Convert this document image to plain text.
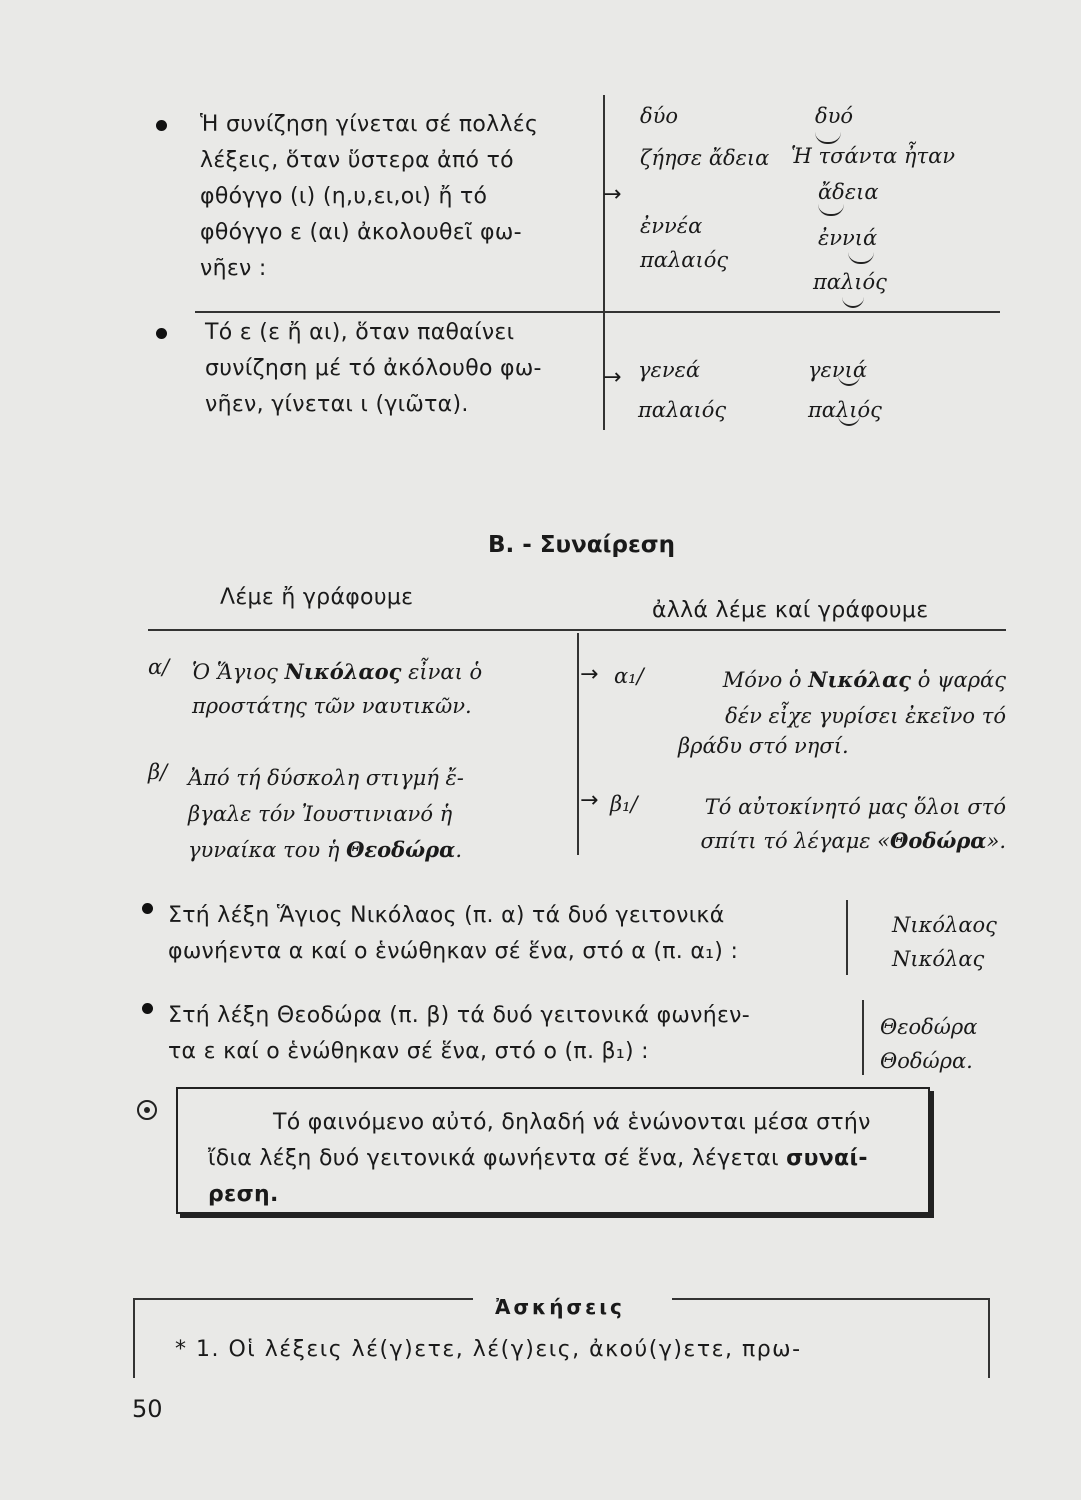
Ἡ συνίζηση γίνεται σέ πολλές
λέξεις, ὅταν ὕστερα ἀπό τό
φθόγγο (ι) (η,υ,ει,οι) ἤ τό
φθόγγο ε (αι) ἀκολουθεῖ φω-
νῆεν :
→
δύο
ζήησε ἄδεια
ἐννέα
παλαιός
δυό
Ἡ τσάντα ἦταν
ἄδεια
ἐννιά
παλιός
Τό ε (ε ἤ αι), ὅταν παθαίνει
συνίζηση μέ τό ἀκόλουθο φω-
νῆεν, γίνεται ι (γιῶτα).
→ γενεά
παλαιός
γενιά
παλιός
Β. - Συναίρεση
Λέμε ἤ γράφουμε
ἀλλά λέμε καί γράφουμε
α/ Ὁ Ἅγιος Νικόλαος εἶναι ὁ
προστάτης τῶν ναυτικῶν.
→ α₁/	Μόνο ὁ Νικόλας ὁ ψαράς
δέν εἶχε γυρίσει ἐκεῖνο τό
βράδυ στό νησί.
β/ Ἀπό τή δύσκολη στιγμή ἔ-
βγαλε τόν Ἰουστινιανό ἡ
γυναίκα του ἡ Θεοδώρα.
→ β₁/	Τό αὐτοκίνητό μας ὅλοι στό
σπίτι τό λέγαμε «Θοδώρα».
Στή λέξη Ἅγιος Νικόλαος (π. α) τά δυό γειτονικά
φωνήεντα α καί ο ἑνώθηκαν σέ ἕνα, στό α (π. α₁) :
Νικόλαος
Νικόλας
Στή λέξη Θεοδώρα (π. β) τά δυό γειτονικά φωνήεν-
τα ε καί ο ἑνώθηκαν σέ ἕνα, στό ο (π. β₁) :
Θεοδώρα
Θοδώρα.
Τό φαινόμενο αὐτό, δηλαδή νά ἑνώνονται μέσα στήν
ἴδια λέξη δυό γειτονικά φωνήεντα σέ ἕνα, λέγεται συναί-
ρεση.
Ἀσκήσεις
* 1. Οἱ λέξεις λέ(γ)ετε, λέ(γ)εις, ἀκού(γ)ετε, πρω-
50
